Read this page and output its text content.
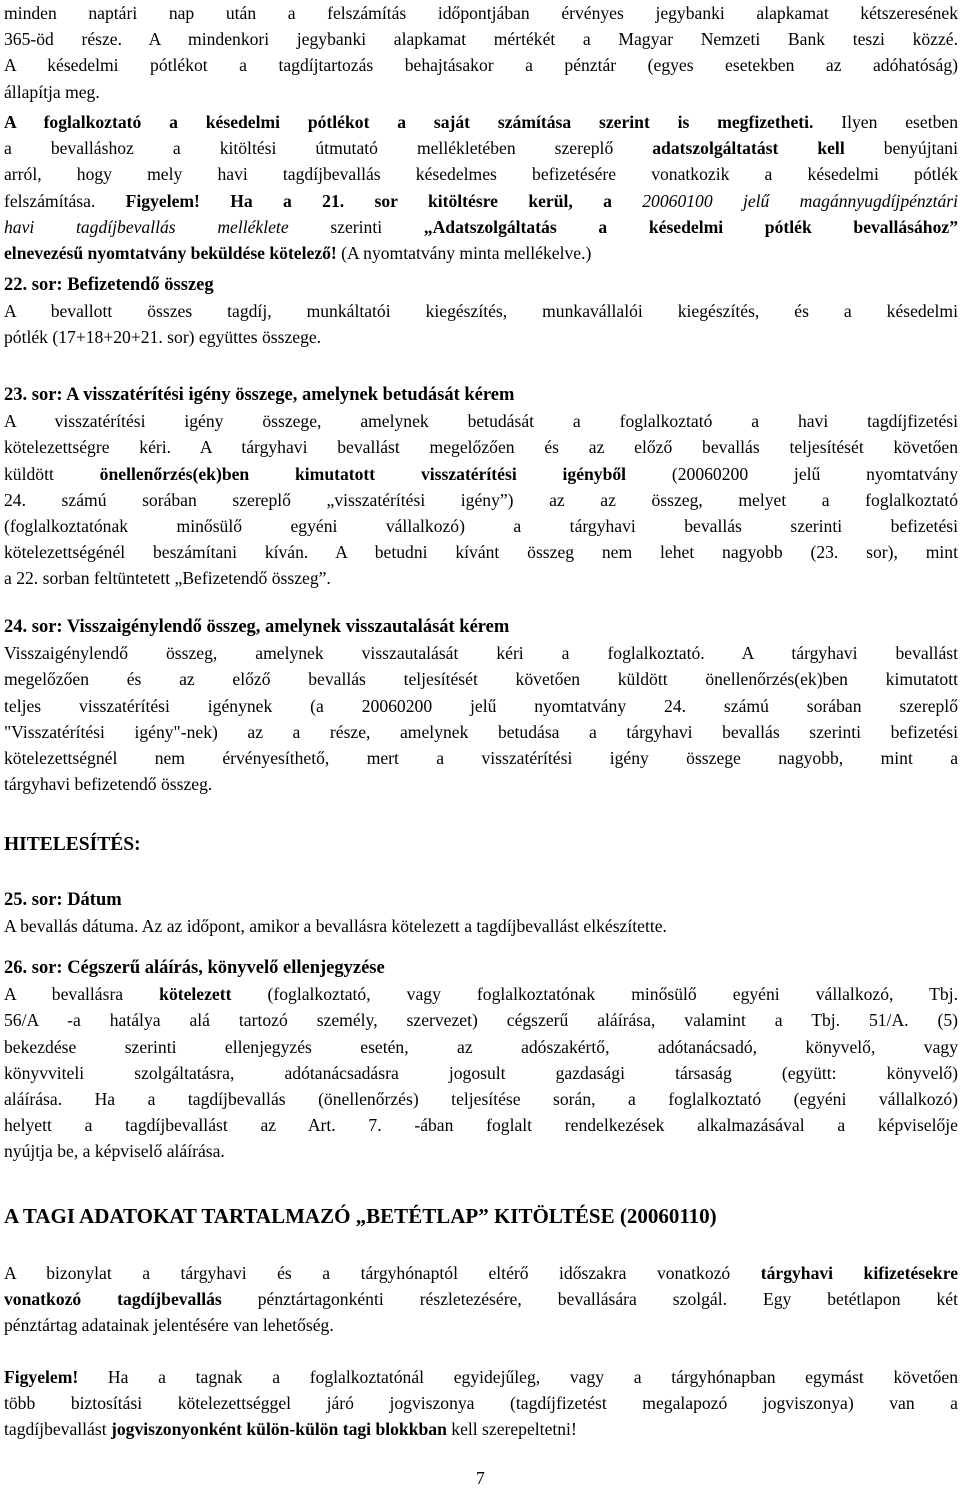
minden naptári nap után a felszámítás időpontjában érvényes jegybanki alapkamat kétszeresének
365-öd része. A mindenkori jegybanki alapkamat mértékét a Magyar Nemzeti Bank teszi közzé.
A késedelmi pótlékot a tagdíjtartozás behajtásakor a pénztár (egyes esetekben az adóhatóság)
állapítja meg.
A foglalkoztató a késedelmi pótlékot a saját számítása szerint is megfizetheti. Ilyen esetben
a bevalláshoz a kitöltési útmutató mellékletében szereplő adatszolgáltatást kell benyújtani
arról, hogy mely havi tagdíjbevallás késedelmes befizetésére vonatkozik a késedelmi pótlék
felszámítása. Figyelem! Ha a 21. sor kitöltésre kerül, a 20060100 jelű magánnyugdíjpénztári
havi tagdíjbevallás melléklete szerinti „Adatszolgáltatás a késedelmi pótlék bevallásához”
elnevezésű nyomtatvány beküldése kötelező! (A nyomtatvány minta mellékelve.)
22. sor: Befizetendő összeg
A bevallott összes tagdíj, munkáltatói kiegészítés, munkavállalói kiegészítés, és a késedelmi
pótlék (17+18+20+21. sor) együttes összege.
23. sor: A visszatérítési igény összege, amelynek betudását kérem
A visszatérítési igény összege, amelynek betudását a foglalkoztató a havi tagdíjfizetési
kötelezettségre kéri. A tárgyhavi bevallást megelőzően és az előző bevallás teljesítését követően
küldött önellenőrzés(ek)ben kimutatott visszatérítési igényből (20060200 jelű nyomtatvány
24. számú sorában szereplő „visszatérítési igény”) az az összeg, melyet a foglalkoztató
(foglalkoztatónak minősülő egyéni vállalkozó) a tárgyhavi bevallás szerinti befizetési
kötelezettségénél beszámítani kíván. A betudni kívánt összeg nem lehet nagyobb (23. sor), mint
a 22. sorban feltüntetett „Befizetendő összeg”.
24. sor: Visszaigénylendő összeg, amelynek visszautalását kérem
Visszaigénylendő összeg, amelynek visszautalását kéri a foglalkoztató. A tárgyhavi bevallást
megelőzően és az előző bevallás teljesítését követően küldött önellenőrzés(ek)ben kimutatott
teljes visszatérítési igénynek (a 20060200 jelű nyomtatvány 24. számú sorában szereplő
"Visszatérítési igény"-nek) az a része, amelynek betudása a tárgyhavi bevallás szerinti befizetési
kötelezettségnél nem érvényesíthető, mert a visszatérítési igény összege nagyobb, mint a
tárgyhavi befizetendő összeg.
HITELESÍTÉS:
25. sor: Dátum
A bevallás dátuma. Az az időpont, amikor a bevallásra kötelezett a tagdíjbevallást elkészítette.
26. sor: Cégszerű aláírás, könyvelő ellenjegyzése
A bevallásra kötelezett (foglalkoztató, vagy foglalkoztatónak minősülő egyéni vállalkozó, Tbj.
56/A -a hatálya alá tartozó személy, szervezet) cégszerű aláírása, valamint a Tbj. 51/A. (5)
bekezdése szerinti ellenjegyzés esetén, az adószakértő, adótanácsadó, könyvelő, vagy
könyvviteli szolgáltatásra, adótanácsadásra jogosult gazdasági társaság (együtt: könyvelő)
aláírása. Ha a tagdíjbevallás (önellenőrzés) teljesítése során, a foglalkoztató (egyéni vállalkozó)
helyett a tagdíjbevallást az Art. 7. -ában foglalt rendelkezések alkalmazásával a képviselője
nyújtja be, a képviselő aláírása.
A TAGI ADATOKAT TARTALMAZÓ „BETÉTLAP” KITÖLTÉSE (20060110)
A bizonylat a tárgyhavi és a tárgyhónaptól eltérő időszakra vonatkozó tárgyhavi kifizetésekre
vonatkozó tagdíjbevallás pénztártagonkénti részletezésére, bevallására szolgál. Egy betétlapon két
pénztártag adatainak jelentésére van lehetőség.
Figyelem! Ha a tagnak a foglalkoztatónál egyidejűleg, vagy a tárgyhónapban egymást követően
több biztosítási kötelezettséggel járó jogviszonya (tagdíjfizetést megalapozó jogviszonya) van a
tagdíjbevallást jogviszonyonként külön-külön tagi blokkban kell szerepeltetni!
7
